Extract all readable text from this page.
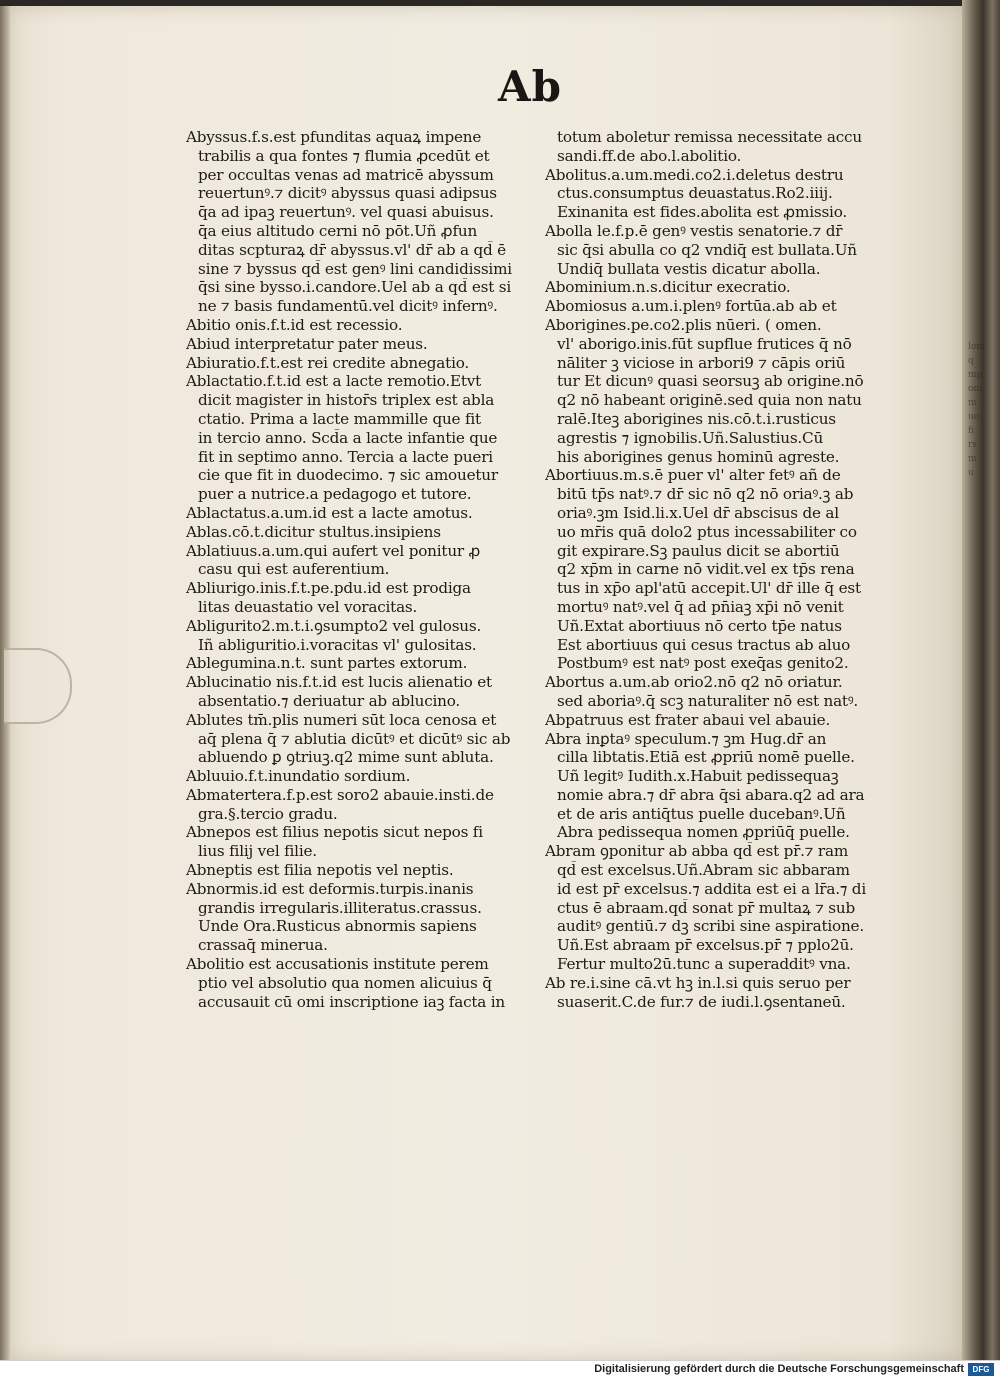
lom
q
mp
om
m
uo
fi
rs
m
u
Ab
Abyssus.f.s.est pfunditas aquaꝝ impene
trabilis a qua fontes ⁊ flumia ꝓcedūt et
per occultas venas ad matricē abyssum
reuertunꝰ.⁊ dicitꝰ abyssus quasi adipsus
q̄a ad ipaꝫ reuertunꝰ. vel quasi abuisus.
q̄a eius altitudo cerni nō pōt.Uñ ꝓfun
ditas scpturaꝝ dr̄ abyssus.vl' dr̄ ab a qd̄ ē
sine ⁊ byssus qd̄ est genꝰ lini candidissimi
q̄si sine bysso.i.candore.Uel ab a qd̄ est si
ne ⁊ basis fundamentū.vel dicitꝰ infernꝰ.
Abitio onis.f.t.id est recessio.
Abiud interpretatur pater meus.
Abiuratio.f.t.est rei credite abnegatio.
Ablactatio.f.t.id est a lacte remotio.Etvt
dicit magister in histor̄s triplex est abla
ctatio. Prima a lacte mammille que fit
in tercio anno. Scd̄a a lacte infantie que
fit in septimo anno. Tercia a lacte pueri
cie que fit in duodecimo. ⁊ sic amouetur
puer a nutrice.a pedagogo et tutore.
Ablactatus.a.um.id est a lacte amotus.
Ablas.cō.t.dicitur stultus.insipiens
Ablatiuus.a.um.qui aufert vel ponitur ꝓ
casu qui est auferentium.
Abliurigo.inis.f.t.pe.pdu.id est prodiga
litas deuastatio vel voracitas.
Abligurito2.m.t.i.ꝯsumpto2 vel gulosus.
Iñ abliguritio.i.voracitas vl' gulositas.
Ablegumina.n.t. sunt partes extorum.
Ablucinatio nis.f.t.id est lucis alienatio et
absentatio.⁊ deriuatur ab ablucino.
Ablutes tm̄.plis numeri sūt loca cenosa et
aq̄ plena q̄ ⁊ ablutia dicūtꝰ et dicūtꝰ sic ab
abluendo ꝑ ꝯtriuꝫ.q2 mime sunt abluta.
Abluuio.f.t.inundatio sordium.
Abmatertera.f.p.est soro2 abauie.insti.de
gra.§.tercio gradu.
Abnepos est filius nepotis sicut nepos fi
lius filij vel filie.
Abneptis est filia nepotis vel neptis.
Abnormis.id est deformis.turpis.inanis
grandis irregularis.illiteratus.crassus.
Unde Ora.Rusticus abnormis sapiens
crassaq̄ minerua.
Abolitio est accusationis institute perem
ptio vel absolutio qua nomen alicuius q̄
accusauit cū omi inscriptione iaꝫ facta in
totum aboletur remissa necessitate accu
sandi.ff.de abo.l.abolitio.
Abolitus.a.um.medi.co2.i.deletus destru
ctus.consumptus deuastatus.Ro2.iiij.
Exinanita est fides.abolita est ꝓmissio.
Abolla le.f.p.ē genꝰ vestis senatorie.⁊ dr̄
sic q̄si abulla co q2 vndiq̄ est bullata.Uñ
Undiq̄ bullata vestis dicatur abolla.
Abominium.n.s.dicitur execratio.
Abomiosus a.um.i.plenꝰ fortūa.ab ab et
Aborigines.pe.co2.plis nūeri. ( omen.
vl' aborigo.inis.fūt supflue frutices q̄ nō
nāliter ꝫ viciose in arbori9 ⁊ cāpis oriū
tur Et dicunꝰ quasi seorsuꝫ ab origine.nō
q2 nō habeant originē.sed quia non natu
ralē.Iteꝫ aborigines nis.cō.t.i.rusticus
agrestis ⁊ ignobilis.Uñ.Salustius.Cū
his aborigines genus hominū agreste.
Abortiuus.m.s.ē puer vl' alter fetꝰ añ de
bitū tp̄s natꝰ.⁊ dr̄ sic nō q2 nō oriaꝰ.ꝫ ab
oriaꝰ.ꝫm Isid.li.x.Uel dr̄ abscisus de al
uo mr̄is quā dolo2 ptus incessabiliter co
git expirare.Sꝫ paulus dicit se abortiū
q2 xp̄m in carne nō vidit.vel ex tp̄s rena
tus in xp̄o apl'atū accepit.Ul' dr̄ ille q̄ est
mortuꝰ natꝰ.vel q̄ ad pn̄iaꝫ xp̄i nō venit
Uñ.Extat abortiuus nō certo tp̄e natus
Est abortiuus qui cesus tractus ab aluo
Postbumꝰ est natꝰ post exeq̄as genito2.
Abortus a.um.ab orio2.nō q2 nō oriatur.
sed aboriaꝰ.q̄ scꝫ naturaliter nō est natꝰ.
Abpatruus est frater abaui vel abauie.
Abra inꝑtaꝰ speculum.⁊ ꝫm Hug.dr̄ an
cilla libtatis.Etiā est ꝓpriū nomē puelle.
Uñ legitꝰ Iudith.x.Habuit pedissequaꝫ
nomie abra.⁊ dr̄ abra q̄si abara.q2 ad ara
et de aris antiq̄tus puelle ducebanꝰ.Uñ
Abra pedissequa nomen ꝓpriūq̄ puelle.
Abram ꝯponitur ab abba qd̄ est pr̄.⁊ ram
qd̄ est excelsus.Uñ.Abram sic abbaram
id est pr̄ excelsus.⁊ addita est ei a lr̄a.⁊ di
ctus ē abraam.qd̄ sonat pr̄ multaꝝ ⁊ sub
auditꝰ gentiū.⁊ dꝫ scribi sine aspiratione.
Uñ.Est abraam pr̄ excelsus.pr̄ ⁊ pplo2ū.
Fertur multo2ū.tunc a superadditꝰ vna.
Ab re.i.sine cā.vt hꝫ in.l.si quis seruo per
suaserit.C.de fur.⁊ de iudi.l.ꝯsentaneū.
Digitalisierung gefördert durch die Deutsche Forschungsgemeinschaft	DFG
